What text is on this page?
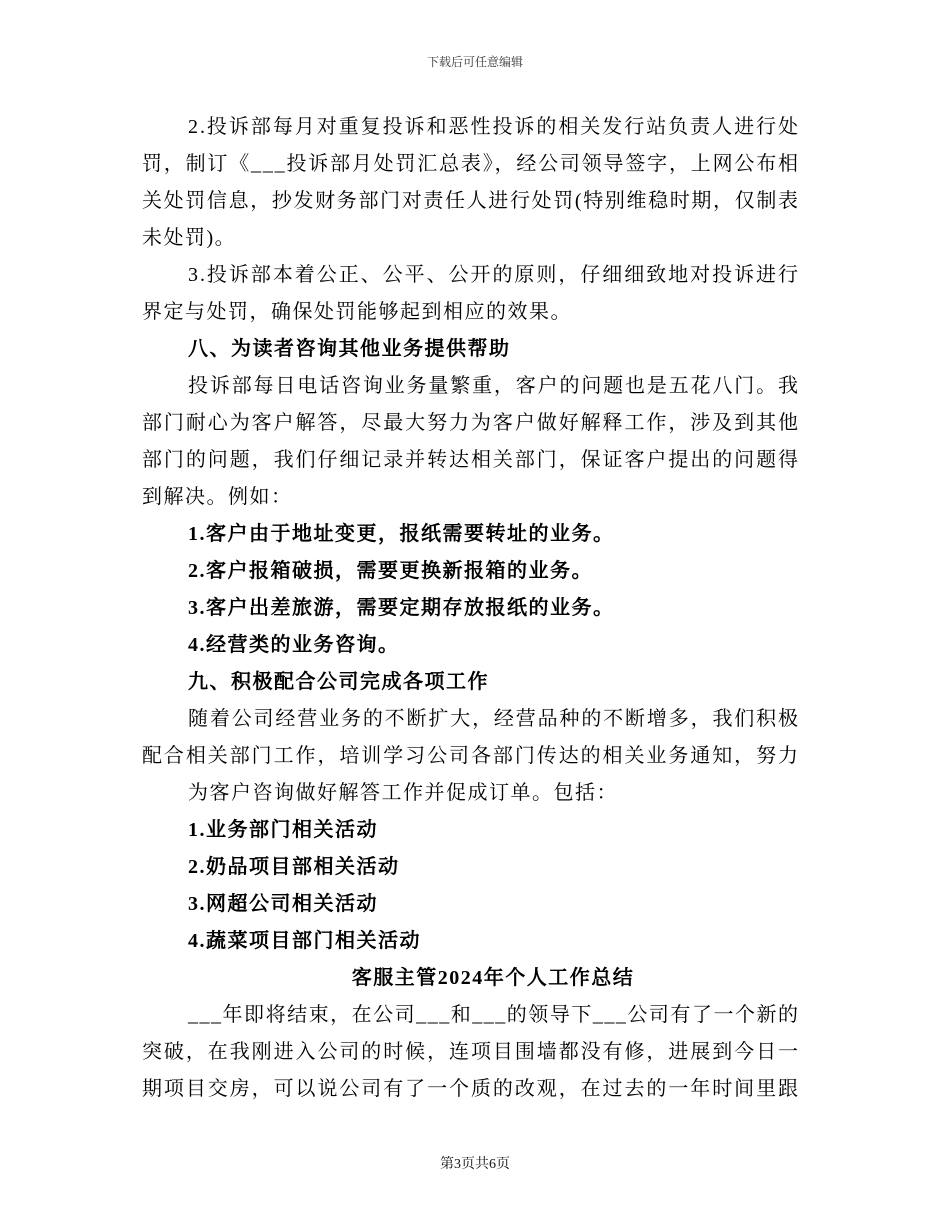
下载后可任意编辑
2.投诉部每月对重复投诉和恶性投诉的相关发行站负责人进行处
罚，制订《___投诉部月处罚汇总表》，经公司领导签字，上网公布相
关处罚信息，抄发财务部门对责任人进行处罚(特别维稳时期，仅制表
未处罚)。
3.投诉部本着公正、公平、公开的原则，仔细细致地对投诉进行
界定与处罚，确保处罚能够起到相应的效果。
八、为读者咨询其他业务提供帮助
投诉部每日电话咨询业务量繁重，客户的问题也是五花八门。我
部门耐心为客户解答，尽最大努力为客户做好解释工作，涉及到其他
部门的问题，我们仔细记录并转达相关部门，保证客户提出的问题得
到解决。例如：
1.客户由于地址变更，报纸需要转址的业务。
2.客户报箱破损，需要更换新报箱的业务。
3.客户出差旅游，需要定期存放报纸的业务。
4.经营类的业务咨询。
九、积极配合公司完成各项工作
随着公司经营业务的不断扩大，经营品种的不断增多，我们积极
配合相关部门工作，培训学习公司各部门传达的相关业务通知，努力
为客户咨询做好解答工作并促成订单。包括：
1.业务部门相关活动
2.奶品项目部相关活动
3.网超公司相关活动
4.蔬菜项目部门相关活动
客服主管2024年个人工作总结
___年即将结束，在公司___和___的领导下___公司有了一个新的
突破，在我刚进入公司的时候，连项目围墙都没有修，进展到今日一
期项目交房，可以说公司有了一个质的改观，在过去的一年时间里跟
第3页共6页
